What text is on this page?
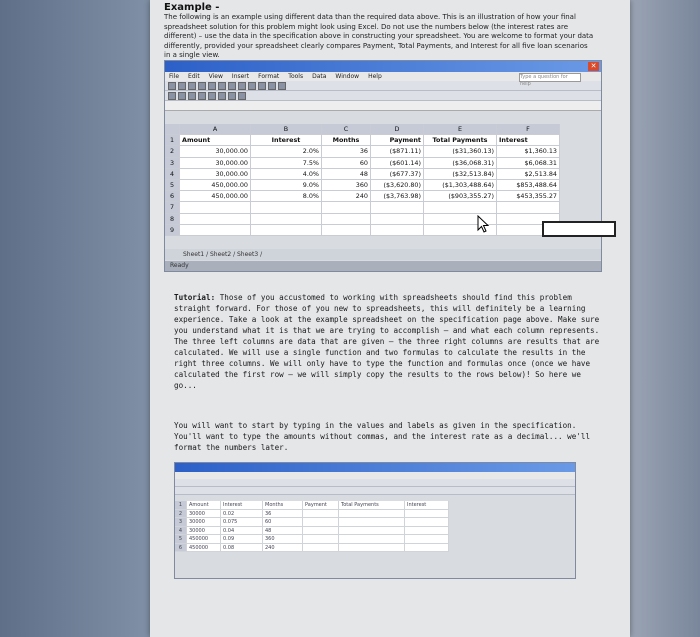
Example -

The following is an example using different data than the required data above. This is an illustration of how your final spreadsheet solution for this problem might look using Excel. Do not use the numbers below (the interest rates are different) – use the data in the specification above in constructing your spreadsheet. You are welcome to format your data differently, provided your spreadsheet clearly compares Payment, Total Payments, and Interest for all five loan scenarios in a single view.

✕
File Edit View Insert Format Tools Data Window Help	Type a question for help
	A	B	C	D	E	F
1	Amount	Interest	Months	Payment	Total Payments	Interest
2	30,000.00	2.0%	36	($871.11)	($31,360.13)	$1,360.13
3	30,000.00	7.5%	60	($601.14)	($36,068.31)	$6,068.31
4	30,000.00	4.0%	48	($677.37)	($32,513.84)	$2,513.84
5	450,000.00	9.0%	360	($3,620.80)	($1,303,488.64)	$853,488.64
6	450,000.00	8.0%	240	($3,763.98)	($903,355.27)	$453,355.27
7						
8						
9						
Sheet1 / Sheet2 / Sheet3 /
Ready

Tutorial: Those of you accustomed to working with spreadsheets should find this problem straight forward. For those of you new to spreadsheets, this will definitely be a learning experience. Take a look at the example spreadsheet on the specification page above. Make sure you understand what it is that we are trying to accomplish – and what each column represents. The three left columns are data that are given – the three right columns are results that are calculated. We will use a single function and two formulas to calculate the results in the right three columns. We will only have to type the function and formulas once (once we have calculated the first row – we will simply copy the results to the rows below)! So here we go...

You will want to start by typing in the values and labels as given in the specification. You'll want to type the amounts without commas, and the interest rate as a decimal... we'll format the numbers later.

1	Amount	Interest	Months	Payment	Total Payments	Interest
2	30000	0.02	36
3	30000	0.075	60
4	30000	0.04	48
5	450000	0.09	360
6	450000	0.08	240
